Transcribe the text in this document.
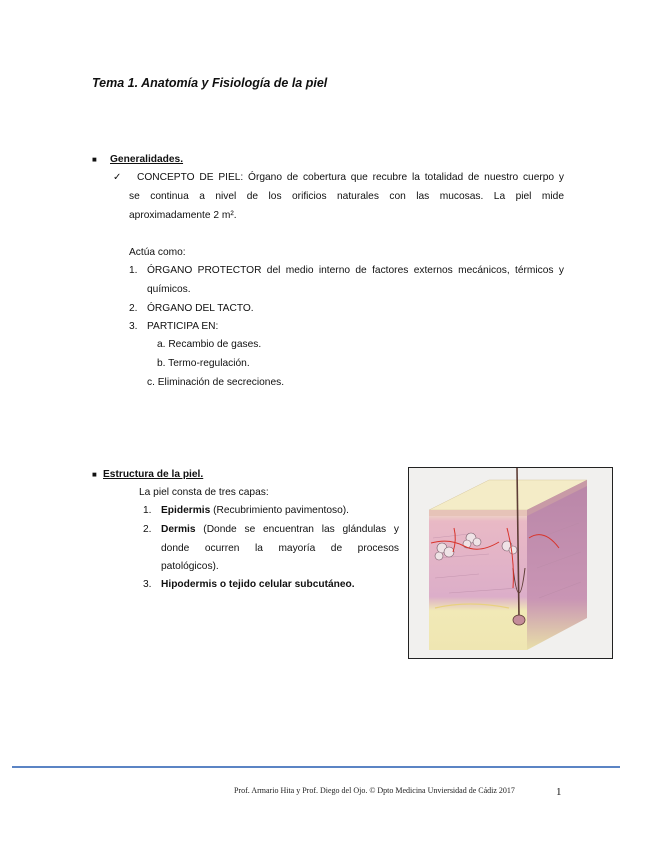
Tema 1. Anatomía y Fisiología de la piel
■ Generalidades.
✓ CONCEPTO DE PIEL: Órgano de cobertura que recubre la totalidad de nuestro cuerpo y
se continua a nivel de los orificios naturales con las mucosas. La piel mide
aproximadamente 2 m².
Actúa como:
1. ÓRGANO PROTECTOR del medio interno de factores externos mecánicos, térmicos y
químicos.
2. ÓRGANO DEL TACTO.
3. PARTICIPA EN:
a. Recambio de gases.
b. Termo-regulación.
c. Eliminación de secreciones.
■ Estructura de la piel.
La piel consta de tres capas:
1. Epidermis (Recubrimiento pavimentoso).
2. Dermis (Donde se encuentran las glándulas y
donde ocurren la mayoría de procesos
patológicos).
3. Hipodermis o tejido celular subcutáneo.
Prof. Armario Hita y Prof. Diego del Ojo. © Dpto Medicina Unviersidad de Cádiz 2017	1
